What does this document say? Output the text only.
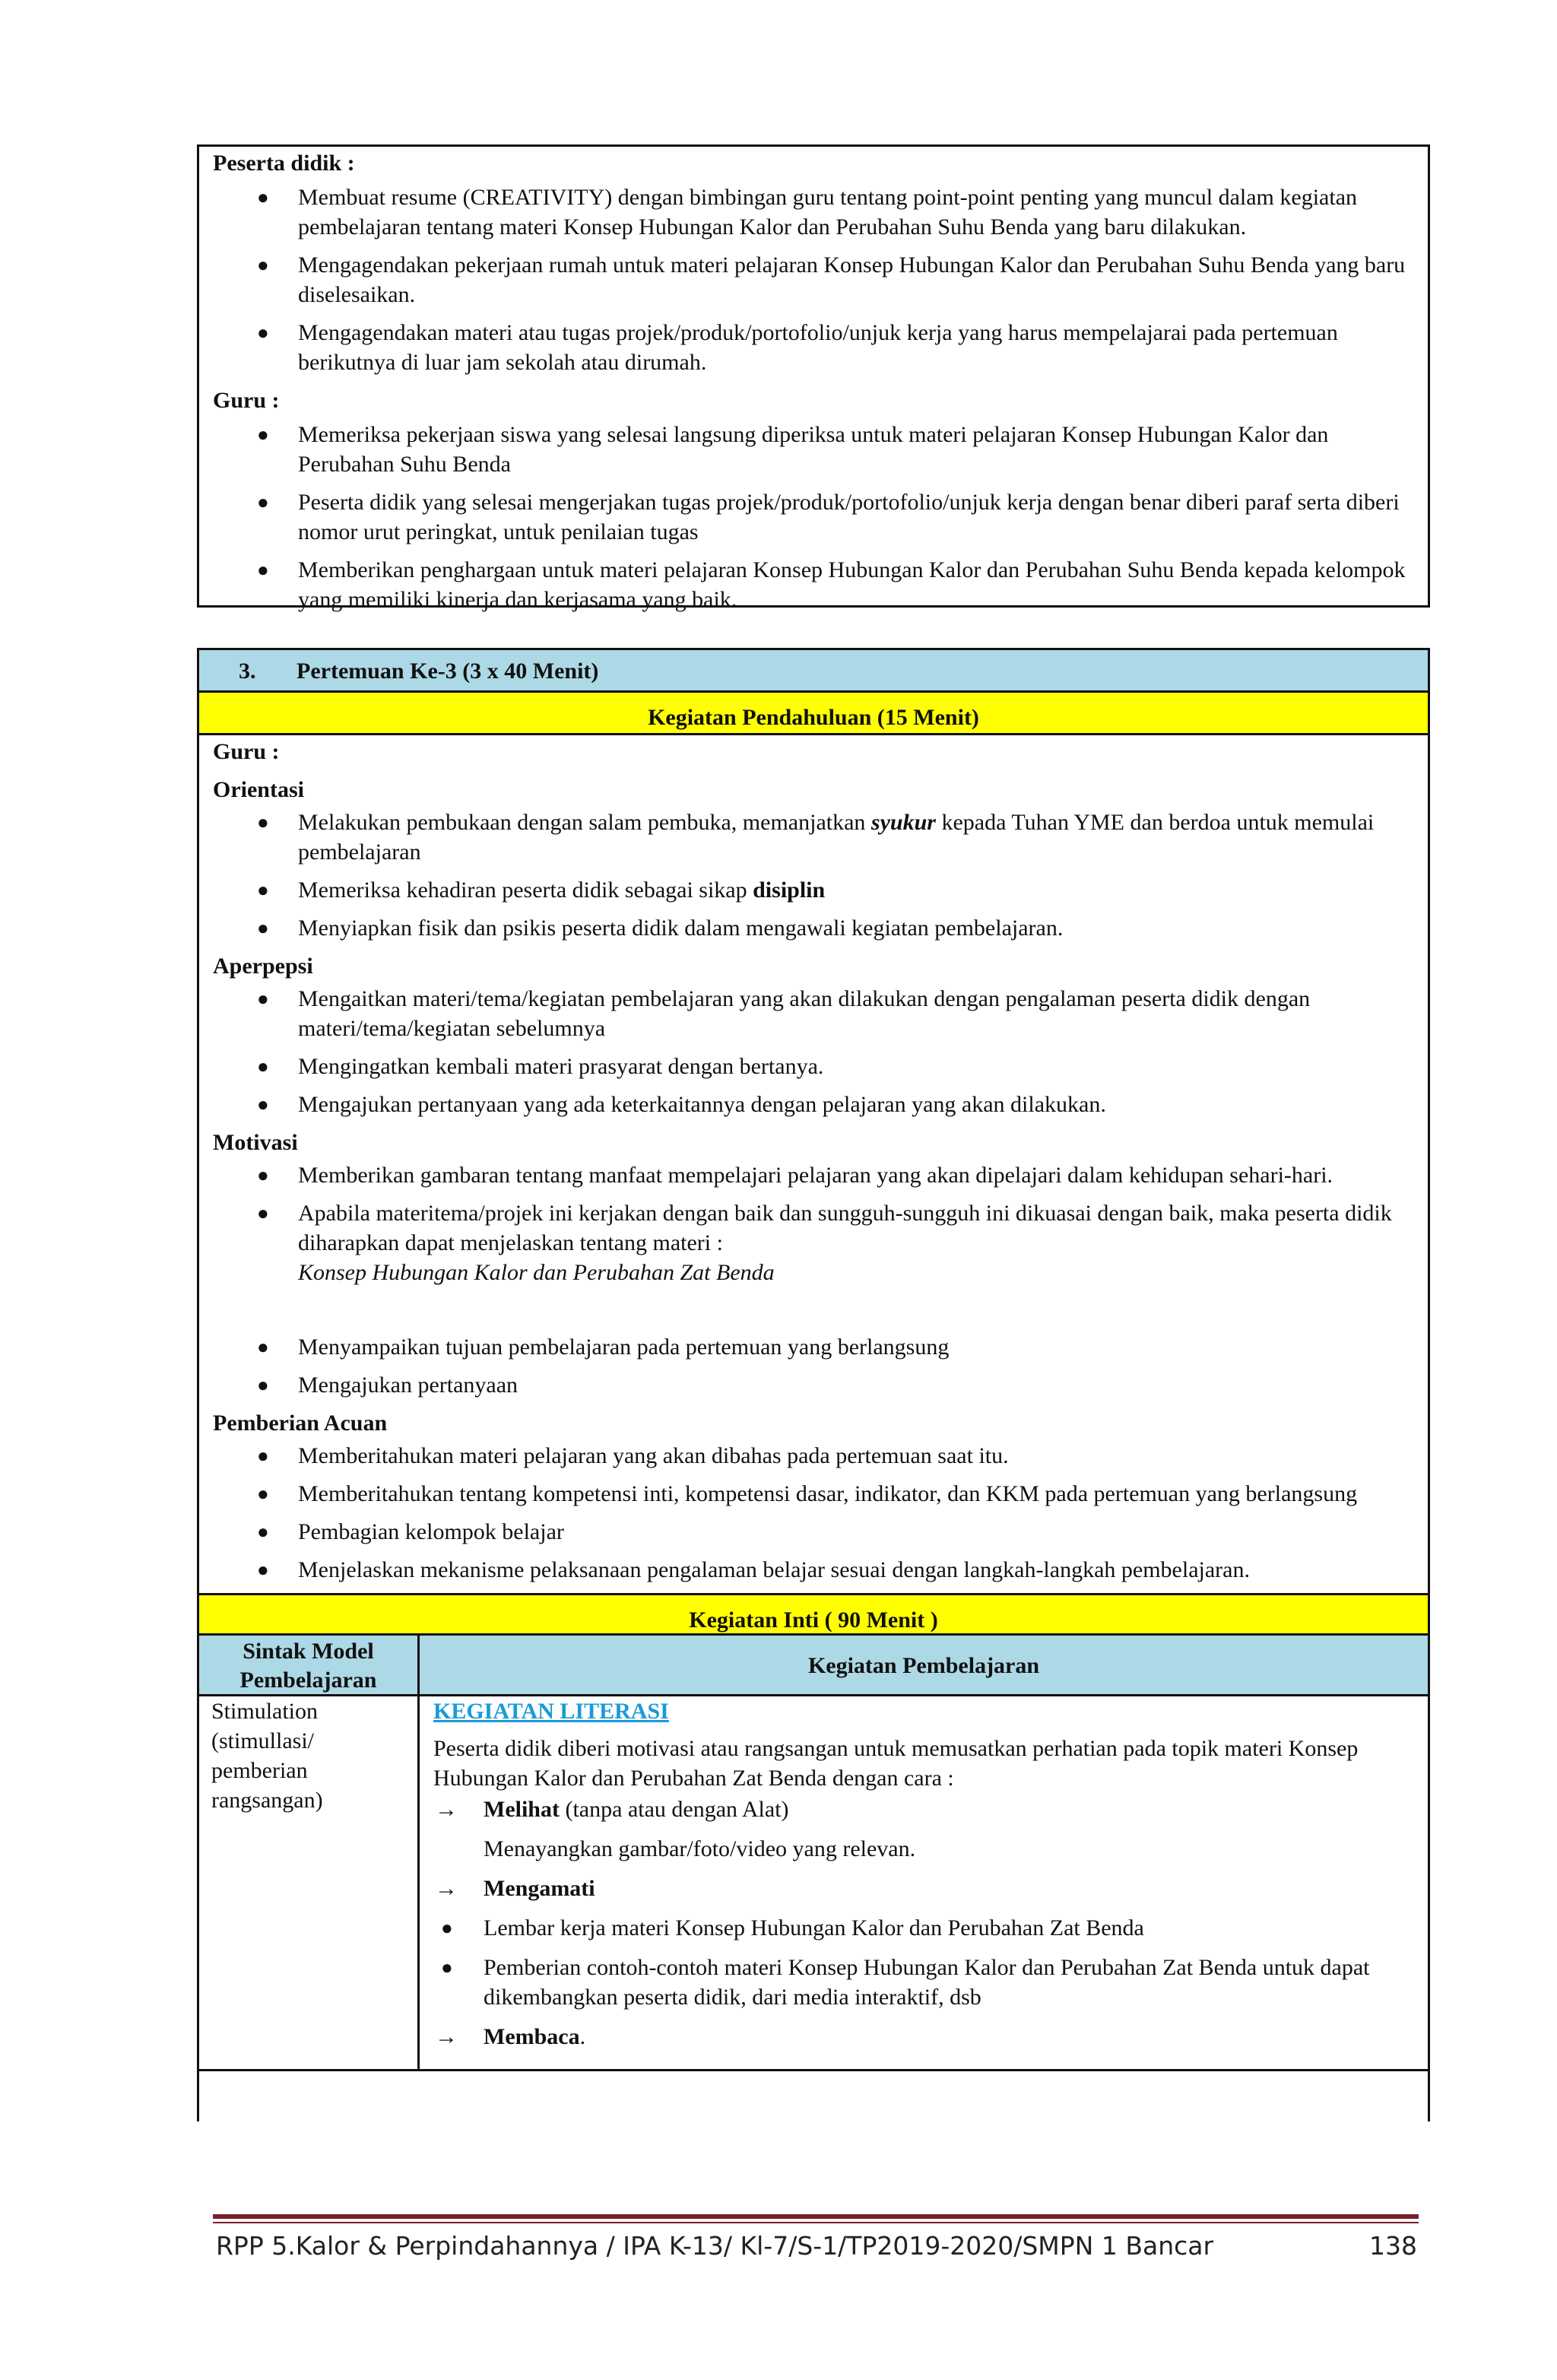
Peserta didik :
● Membuat resume (CREATIVITY) dengan bimbingan guru tentang point-point penting yang muncul dalam kegiatan pembelajaran tentang materi Konsep Hubungan Kalor dan Perubahan Suhu Benda yang baru dilakukan.
● Mengagendakan pekerjaan rumah untuk materi pelajaran Konsep Hubungan Kalor dan Perubahan Suhu Benda yang baru diselesaikan.
● Mengagendakan materi atau tugas projek/produk/portofolio/unjuk kerja yang harus mempelajarai pada pertemuan berikutnya di luar jam sekolah atau dirumah.
Guru :
● Memeriksa pekerjaan siswa yang selesai langsung diperiksa untuk materi pelajaran Konsep Hubungan Kalor dan Perubahan Suhu Benda
● Peserta didik yang selesai mengerjakan tugas projek/produk/portofolio/unjuk kerja dengan benar diberi paraf serta diberi nomor urut peringkat, untuk penilaian tugas
● Memberikan penghargaan untuk materi pelajaran Konsep Hubungan Kalor dan Perubahan Suhu Benda kepada kelompok yang memiliki kinerja dan kerjasama yang baik.
3. Pertemuan Ke-3 (3 x 40 Menit)
Kegiatan Pendahuluan (15 Menit)
Guru :
Orientasi
● Melakukan pembukaan dengan salam pembuka, memanjatkan syukur kepada Tuhan YME dan berdoa untuk memulai pembelajaran
● Memeriksa kehadiran peserta didik sebagai sikap disiplin
● Menyiapkan fisik dan psikis peserta didik dalam mengawali kegiatan pembelajaran.
Aperpepsi
● Mengaitkan materi/tema/kegiatan pembelajaran yang akan dilakukan dengan pengalaman peserta didik dengan materi/tema/kegiatan sebelumnya
● Mengingatkan kembali materi prasyarat dengan bertanya.
● Mengajukan pertanyaan yang ada keterkaitannya dengan pelajaran yang akan dilakukan.
Motivasi
● Memberikan gambaran tentang manfaat mempelajari pelajaran yang akan dipelajari dalam kehidupan sehari-hari.
● Apabila materitema/projek ini kerjakan dengan baik dan sungguh-sungguh ini dikuasai dengan baik, maka peserta didik diharapkan dapat menjelaskan tentang materi :
Konsep Hubungan Kalor dan Perubahan Zat Benda
● Menyampaikan tujuan pembelajaran pada pertemuan yang berlangsung
● Mengajukan pertanyaan
Pemberian Acuan
● Memberitahukan materi pelajaran yang akan dibahas pada pertemuan saat itu.
● Memberitahukan tentang kompetensi inti, kompetensi dasar, indikator, dan KKM pada pertemuan yang berlangsung
● Pembagian kelompok belajar
● Menjelaskan mekanisme pelaksanaan pengalaman belajar sesuai dengan langkah-langkah pembelajaran.
Kegiatan Inti ( 90 Menit )
Sintak Model Pembelajaran
Kegiatan Pembelajaran
Stimulation (stimullasi/ pemberian rangsangan)
KEGIATAN LITERASI
Peserta didik diberi motivasi atau rangsangan untuk memusatkan perhatian pada topik materi Konsep Hubungan Kalor dan Perubahan Zat Benda dengan cara :
→ Melihat (tanpa atau dengan Alat)
Menayangkan gambar/foto/video yang relevan.
→ Mengamati
● Lembar kerja materi Konsep Hubungan Kalor dan Perubahan Zat Benda
● Pemberian contoh-contoh materi Konsep Hubungan Kalor dan Perubahan Zat Benda untuk dapat dikembangkan peserta didik, dari media interaktif, dsb
→ Membaca.
RPP 5.Kalor & Perpindahannya / IPA K-13/ Kl-7/S-1/TP2019-2020/SMPN 1 Bancar	138
